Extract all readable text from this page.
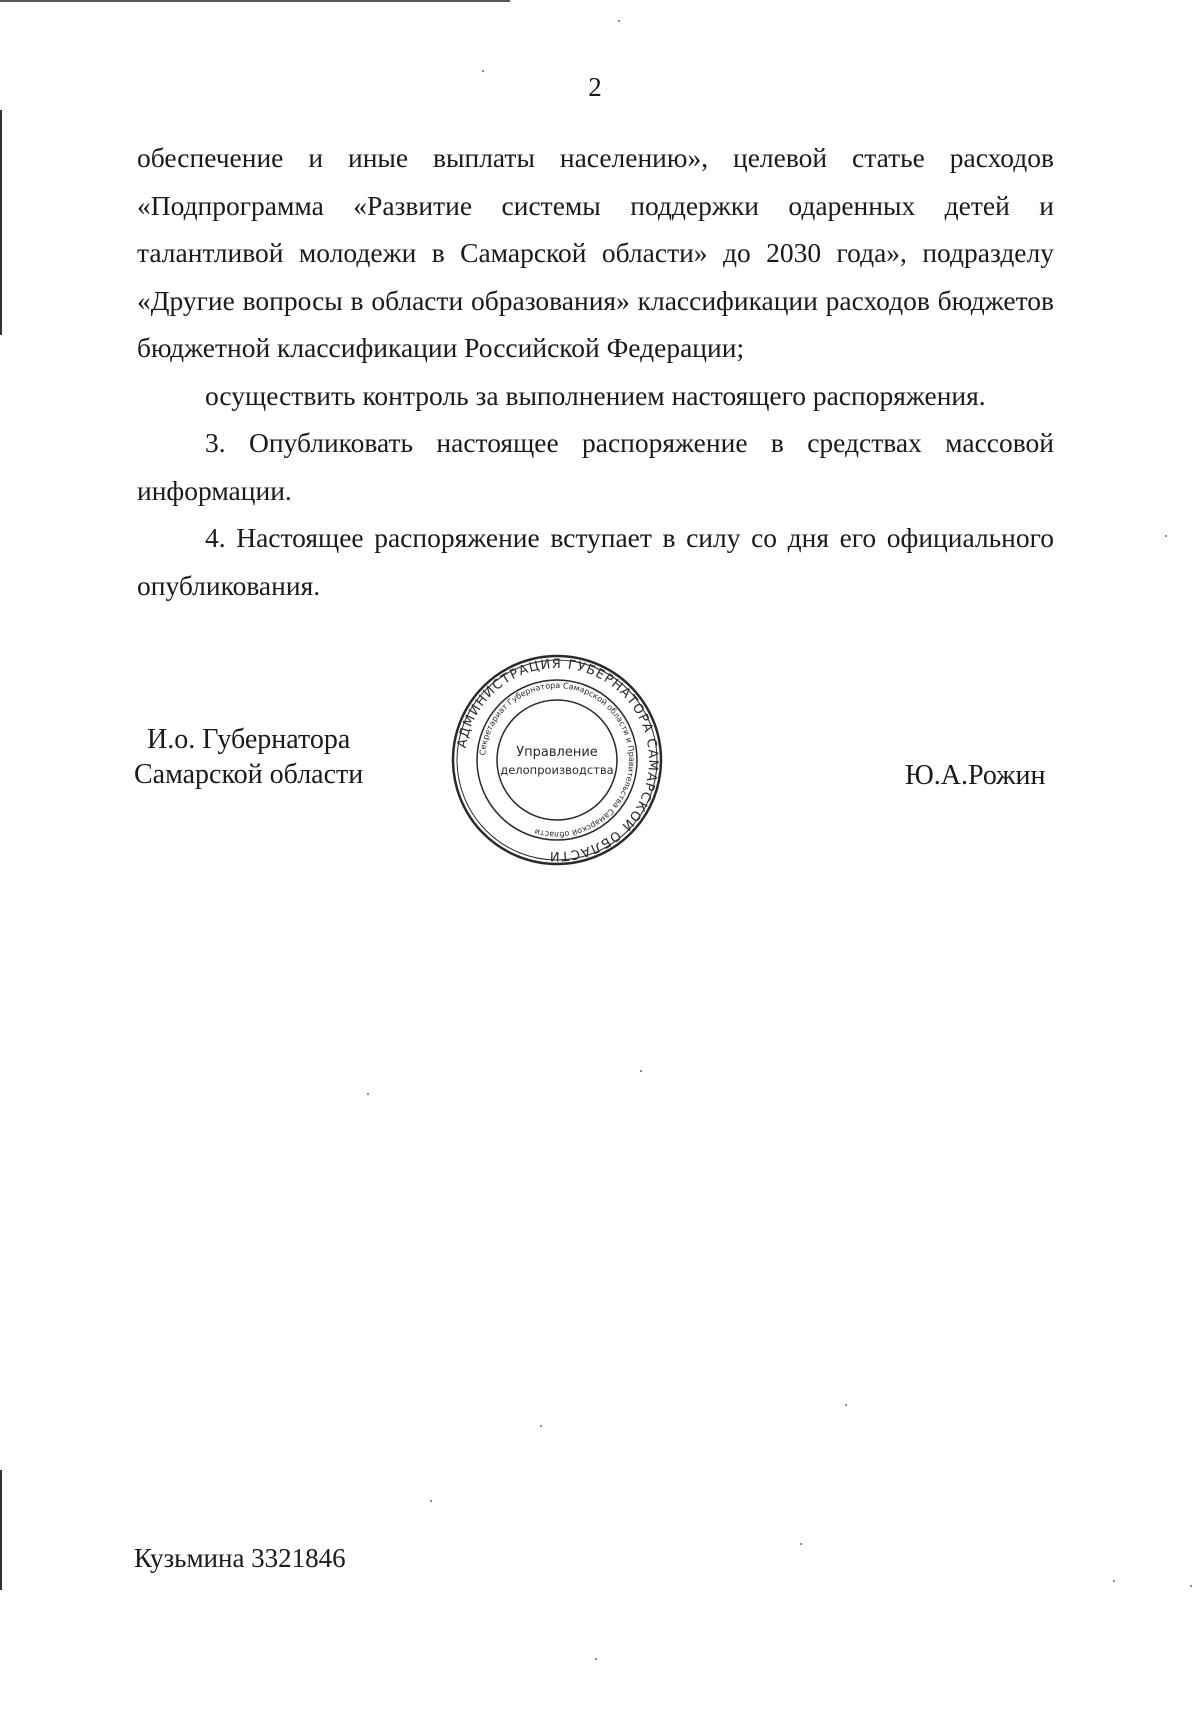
2

обеспечение и иные выплаты населению», целевой статье расходов «Подпрограмма «Развитие системы поддержки одаренных детей и талантливой молодежи в Самарской области» до 2030 года», подразделу «Другие вопросы в области образования» классификации расходов бюджетов бюджетной классификации Российской Федерации;

осуществить контроль за выполнением настоящего распоряжения.

3. Опубликовать настоящее распоряжение в средствах массовой информации.

4. Настоящее распоряжение вступает в силу со дня его официального опубликования.

И.о. Губернатора
Самарской области
АДМИНИСТРАЦИЯ ГУБЕРНАТОРА САМАРСКОЙ ОБЛАСТИ
Секретариат Губернатора Самарской области и Правительства Самарской области
Управление
делопроизводства	Ю.А.Рожин
Кузьмина 3321846
